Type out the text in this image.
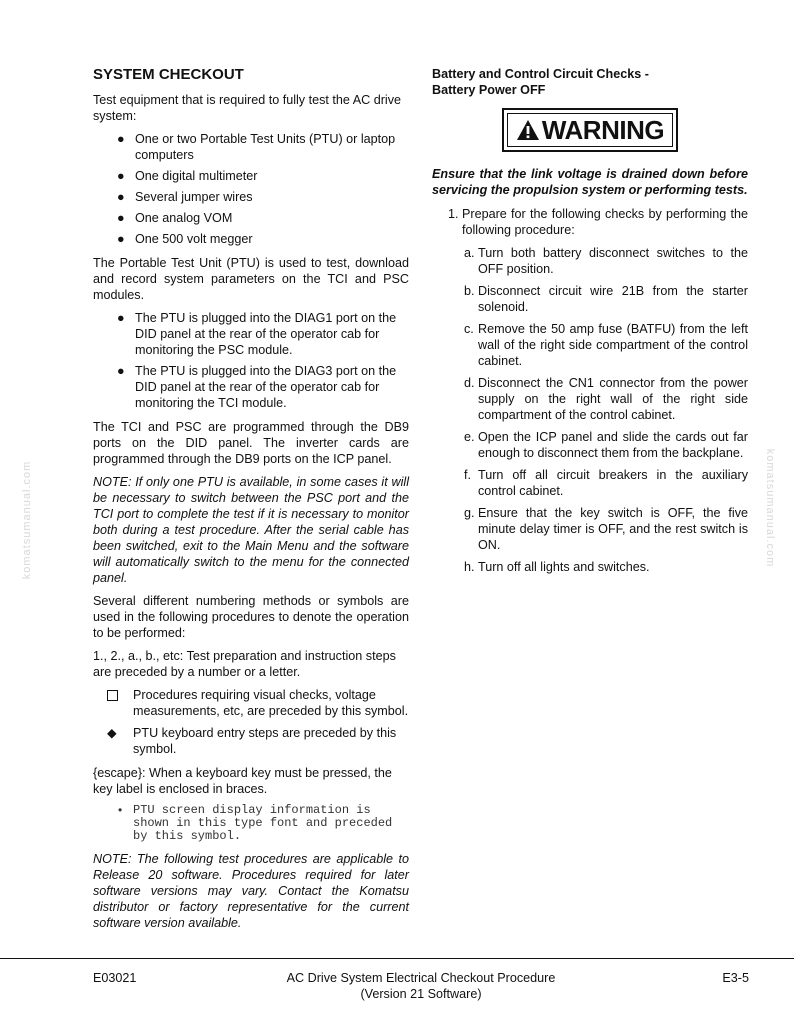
komatsumanual.com	komatsumanual.com
SYSTEM CHECKOUT

Test equipment that is required to fully test the AC drive system:

● One or two Portable Test Units (PTU) or laptop computers
● One digital multimeter
● Several jumper wires
● One analog VOM
● One 500 volt megger

The Portable Test Unit (PTU) is used to test, download and record system parameters on the TCI and PSC modules.

● The PTU is plugged into the DIAG1 port on the DID panel at the rear of the operator cab for monitoring the PSC module.
● The PTU is plugged into the DIAG3 port on the DID panel at the rear of the operator cab for monitoring the TCI module.

The TCI and PSC are programmed through the DB9 ports on the DID panel. The inverter cards are programmed through the DB9 ports on the ICP panel.

NOTE: If only one PTU is available, in some cases it will be necessary to switch between the PSC port and the TCI port to complete the test if it is necessary to monitor both during a test procedure. After the serial cable has been switched, exit to the Main Menu and the software will automatically switch to the menu for the connected panel.

Several different numbering methods or symbols are used in the following procedures to denote the operation to be performed:

1., 2., a., b., etc: Test preparation and instruction steps are preceded by a number or a letter.

Procedures requiring visual checks, voltage measurements, etc, are preceded by this symbol.
◆ PTU keyboard entry steps are preceded by this symbol.

{escape}: When a keyboard key must be pressed, the key label is enclosed in braces.

• PTU screen display information is shown in this type font and preceded by this symbol.

NOTE: The following test procedures are applicable to Release 20 software. Procedures required for later software versions may vary. Contact the Komatsu distributor or factory representative for the current software version available.

Battery and Control Circuit Checks -
Battery Power OFF
WARNING

Ensure that the link voltage is drained down before servicing the propulsion system or performing tests.

1. Prepare for the following checks by performing the following procedure:
a. Turn both battery disconnect switches to the OFF position.
b. Disconnect circuit wire 21B from the starter solenoid.
c. Remove the 50 amp fuse (BATFU) from the left wall of the right side compartment of the control cabinet.
d. Disconnect the CN1 connector from the power supply on the right wall of the right side compartment of the control cabinet.
e. Open the ICP panel and slide the cards out far enough to disconnect them from the backplane.
f. Turn off all circuit breakers in the auxiliary control cabinet.
g. Ensure that the key switch is OFF, the five minute delay timer is OFF, and the rest switch is ON.
h. Turn off all lights and switches.
E03021	AC Drive System Electrical Checkout Procedure
(Version 21 Software)
E3-5
